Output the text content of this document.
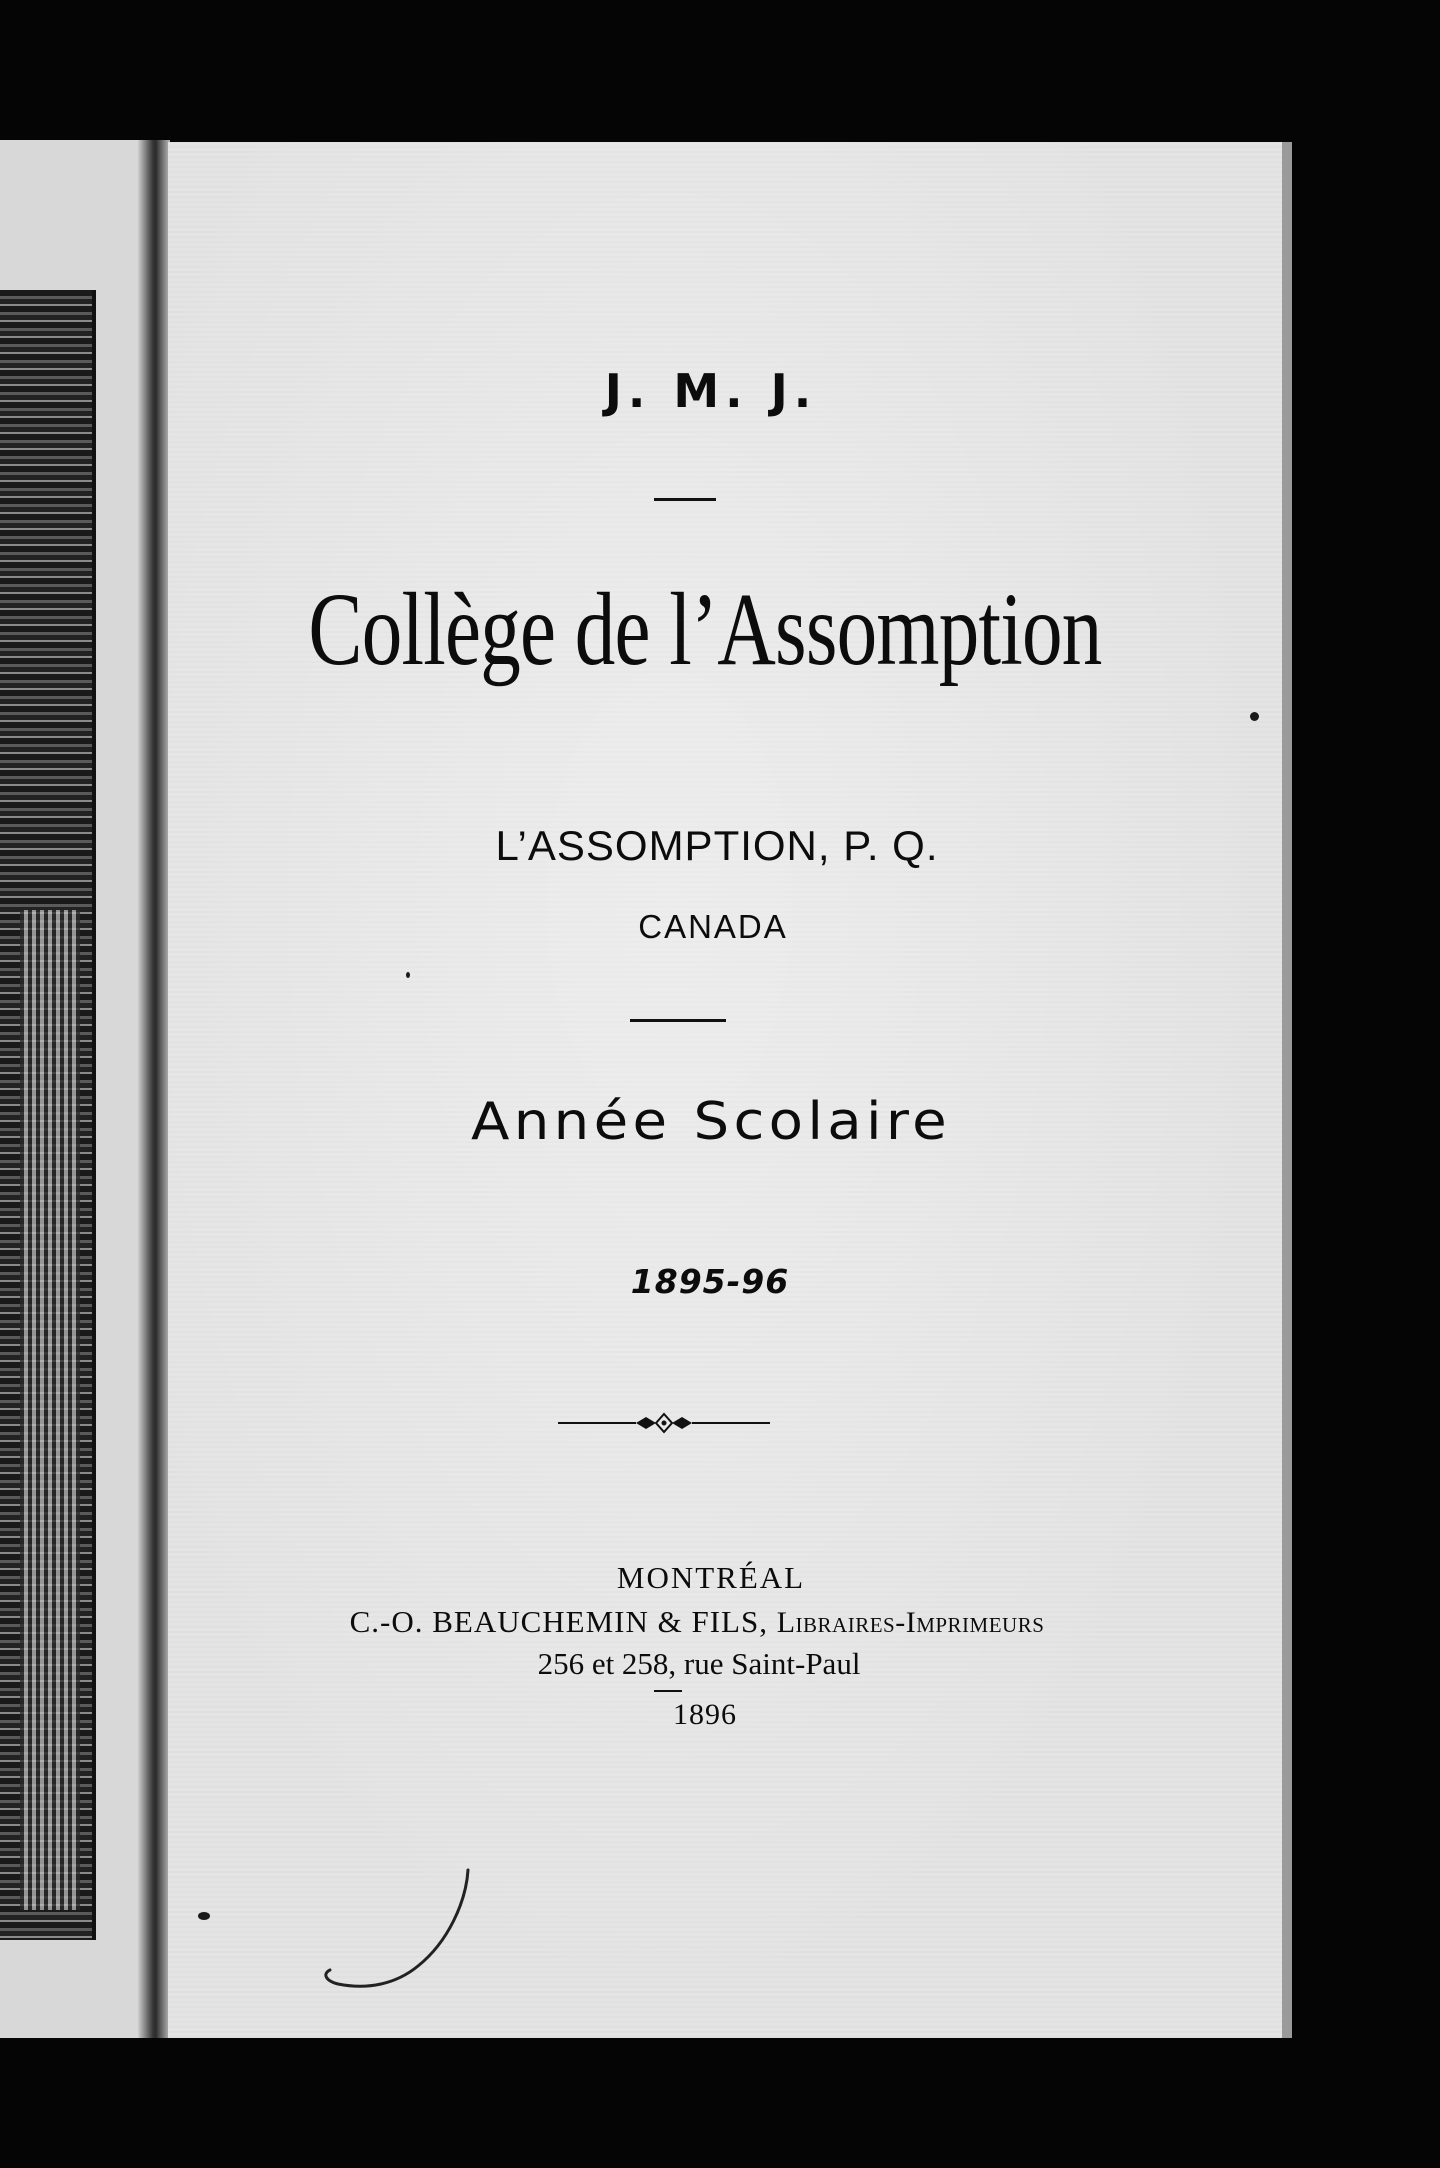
J. M. J.
Collège de l’Assomption
L’ASSOMPTION, P. Q.
CANADA
Année Scolaire
1895-96
MONTRÉAL
C.-O. BEAUCHEMIN & FILS, Libraires-Imprimeurs
256 et 258, rue Saint-Paul
1896
